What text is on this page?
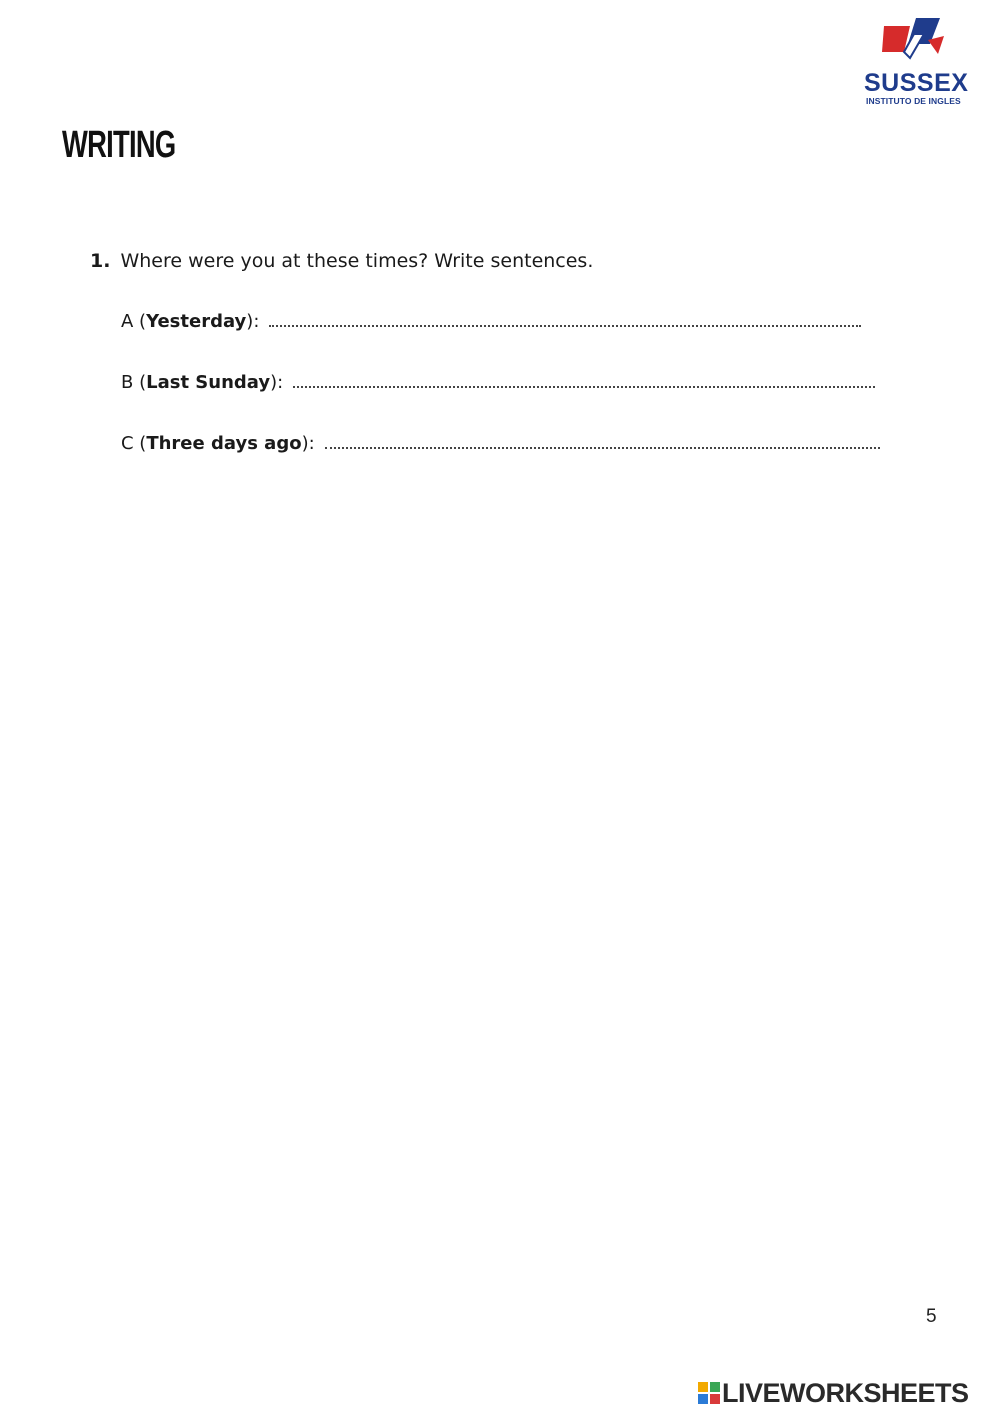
SUSSEX
INSTITUTO DE INGLES
WRITING
1. Where were you at these times? Write sentences.
A ( Yesterday ):
B ( Last Sunday ):
C ( Three days ago ):
5
LIVEWORKSHEETS
